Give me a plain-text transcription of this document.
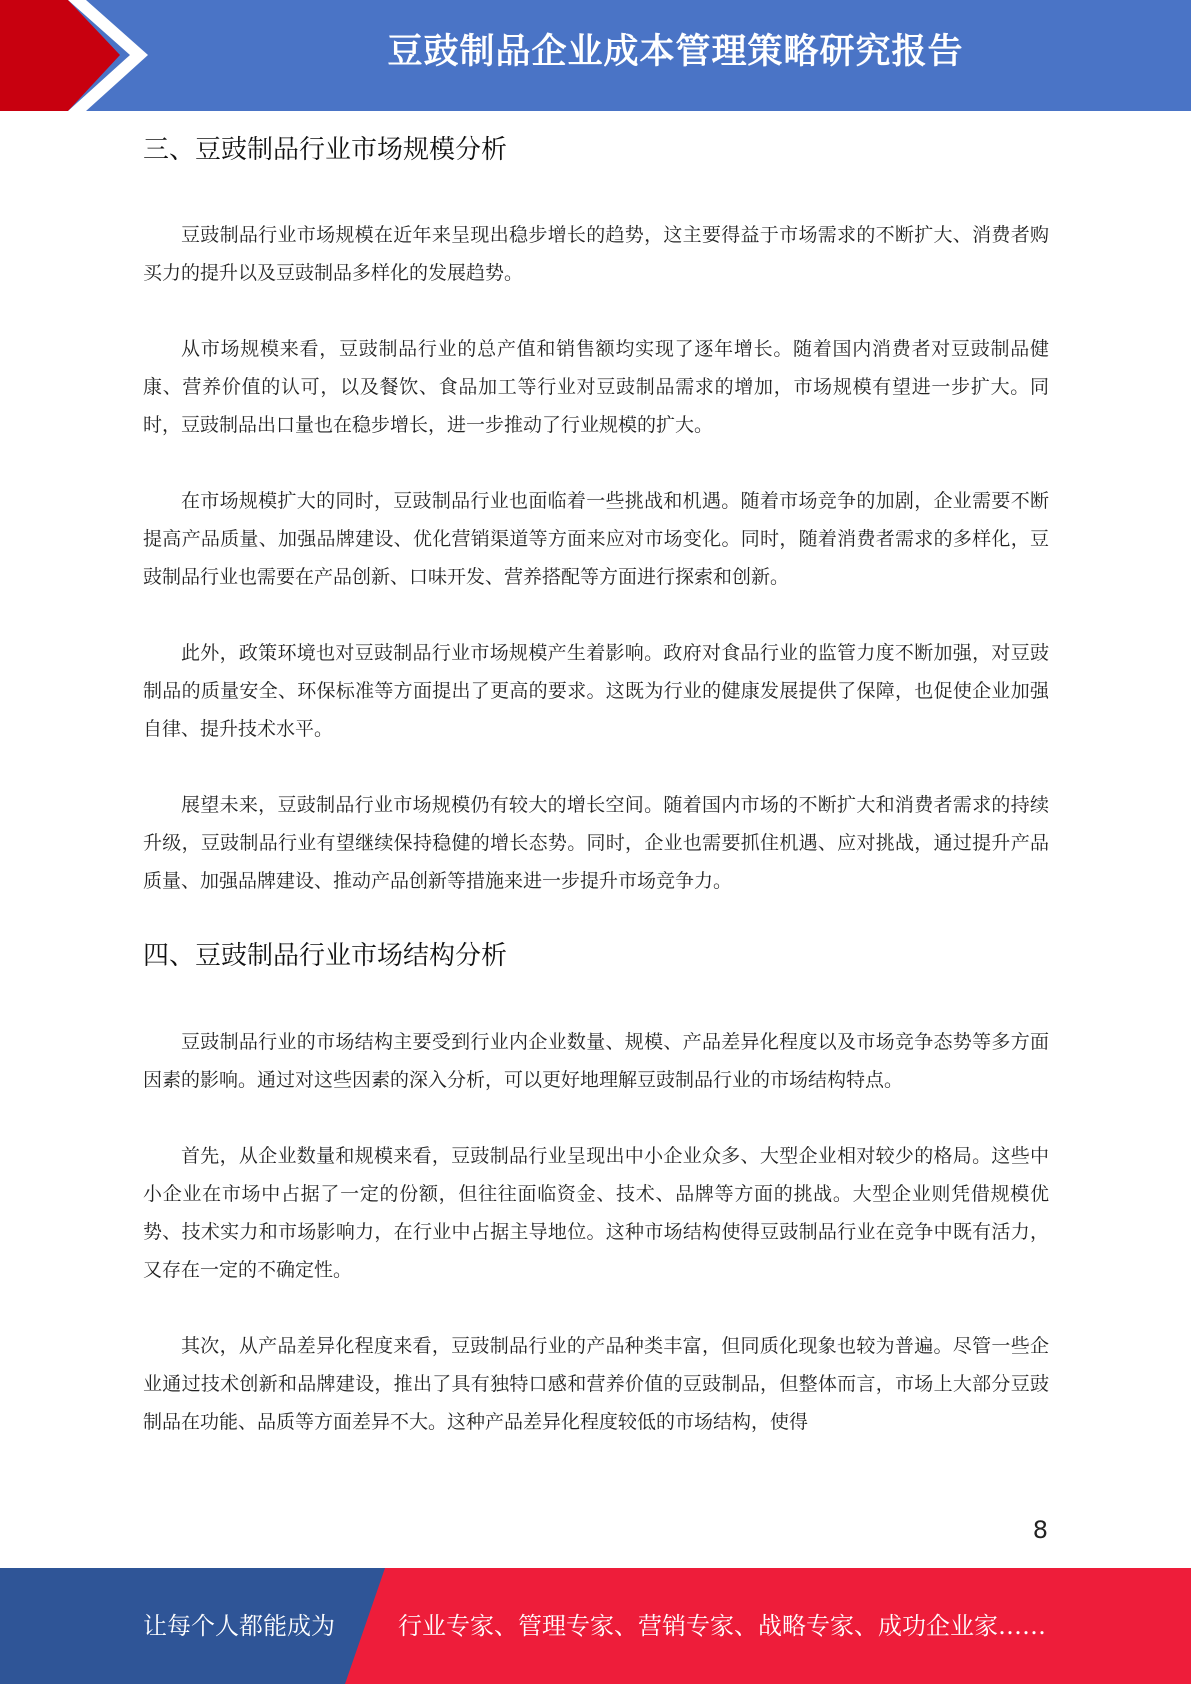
豆豉制品企业成本管理策略研究报告
三、豆豉制品行业市场规模分析

豆豉制品行业市场规模在近年来呈现出稳步增长的趋势，这主要得益于市场需求的不断扩大、消费者购买力的提升以及豆豉制品多样化的发展趋势。

从市场规模来看，豆豉制品行业的总产值和销售额均实现了逐年增长。随着国内消费者对豆豉制品健康、营养价值的认可，以及餐饮、食品加工等行业对豆豉制品需求的增加，市场规模有望进一步扩大。同时，豆豉制品出口量也在稳步增长，进一步推动了行业规模的扩大。

在市场规模扩大的同时，豆豉制品行业也面临着一些挑战和机遇。随着市场竞争的加剧，企业需要不断提高产品质量、加强品牌建设、优化营销渠道等方面来应对市场变化。同时，随着消费者需求的多样化，豆豉制品行业也需要在产品创新、口味开发、营养搭配等方面进行探索和创新。

此外，政策环境也对豆豉制品行业市场规模产生着影响。政府对食品行业的监管力度不断加强，对豆豉制品的质量安全、环保标准等方面提出了更高的要求。这既为行业的健康发展提供了保障，也促使企业加强自律、提升技术水平。

展望未来，豆豉制品行业市场规模仍有较大的增长空间。随着国内市场的不断扩大和消费者需求的持续升级，豆豉制品行业有望继续保持稳健的增长态势。同时，企业也需要抓住机遇、应对挑战，通过提升产品质量、加强品牌建设、推动产品创新等措施来进一步提升市场竞争力。

四、豆豉制品行业市场结构分析

豆豉制品行业的市场结构主要受到行业内企业数量、规模、产品差异化程度以及市场竞争态势等多方面因素的影响。通过对这些因素的深入分析，可以更好地理解豆豉制品行业的市场结构特点。

首先，从企业数量和规模来看，豆豉制品行业呈现出中小企业众多、大型企业相对较少的格局。这些中小企业在市场中占据了一定的份额，但往往面临资金、技术、品牌等方面的挑战。大型企业则凭借规模优势、技术实力和市场影响力，在行业中占据主导地位。这种市场结构使得豆豉制品行业在竞争中既有活力，又存在一定的不确定性。

其次，从产品差异化程度来看，豆豉制品行业的产品种类丰富，但同质化现象也较为普遍。尽管一些企业通过技术创新和品牌建设，推出了具有独特口感和营养价值的豆豉制品，但整体而言，市场上大部分豆豉制品在功能、品质等方面差异不大。这种产品差异化程度较低的市场结构，使得

8
让每个人都能成为	行业专家、管理专家、营销专家、战略专家、成功企业家……
